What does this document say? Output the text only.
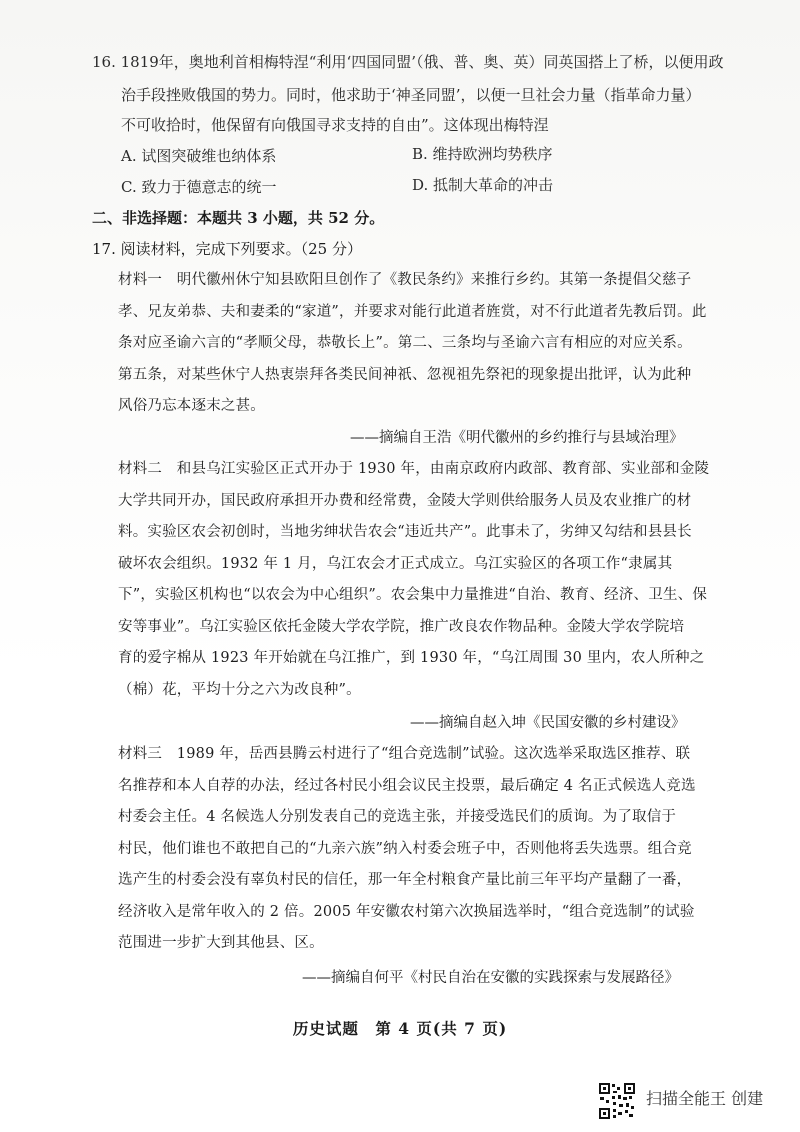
16. 1819年，奥地利首相梅特涅“利用‘四国同盟’（俄、普、奥、英）同英国搭上了桥，以便用政
治手段挫败俄国的势力。同时，他求助于‘神圣同盟’，以便一旦社会力量（指革命力量）
不可收拾时，他保留有向俄国寻求支持的自由”。这体现出梅特涅
A. 试图突破维也纳体系	B. 维持欧洲均势秩序
C. 致力于德意志的统一	D. 抵制大革命的冲击
二、非选择题：本题共 3 小题，共 52 分。
17. 阅读材料，完成下列要求。（25 分）
材料一　明代徽州休宁知县欧阳旦创作了《教民条约》来推行乡约。其第一条提倡父慈子
孝、兄友弟恭、夫和妻柔的“家道”，并要求对能行此道者旌赏，对不行此道者先教后罚。此
条对应圣谕六言的“孝顺父母，恭敬长上”。第二、三条均与圣谕六言有相应的对应关系。
第五条，对某些休宁人热衷崇拜各类民间神祇、忽视祖先祭祀的现象提出批评，认为此种
风俗乃忘本逐末之甚。
——摘编自王浩《明代徽州的乡约推行与县域治理》
材料二　和县乌江实验区正式开办于 1930 年，由南京政府内政部、教育部、实业部和金陵
大学共同开办，国民政府承担开办费和经常费，金陵大学则供给服务人员及农业推广的材
料。实验区农会初创时，当地劣绅状告农会“违近共产”。此事未了，劣绅又勾结和县县长
破坏农会组织。1932 年 1 月，乌江农会才正式成立。乌江实验区的各项工作“隶属其
下”，实验区机构也“以农会为中心组织”。农会集中力量推进“自治、教育、经济、卫生、保
安等事业”。乌江实验区依托金陵大学农学院，推广改良农作物品种。金陵大学农学院培
育的爱字棉从 1923 年开始就在乌江推广，到 1930 年，“乌江周围 30 里内，农人所种之
（棉）花，平均十分之六为改良种”。
——摘编自赵入坤《民国安徽的乡村建设》
材料三　1989 年，岳西县腾云村进行了“组合竞选制”试验。这次选举采取选区推荐、联
名推荐和本人自荐的办法，经过各村民小组会议民主投票，最后确定 4 名正式候选人竞选
村委会主任。4 名候选人分别发表自己的竞选主张，并接受选民们的质询。为了取信于
村民，他们谁也不敢把自己的“九亲六族”纳入村委会班子中，否则他将丢失选票。组合竞
选产生的村委会没有辜负村民的信任，那一年全村粮食产量比前三年平均产量翻了一番，
经济收入是常年收入的 2 倍。2005 年安徽农村第六次换届选举时，“组合竞选制”的试验
范围进一步扩大到其他县、区。
——摘编自何平《村民自治在安徽的实践探索与发展路径》
历史试题　第 4 页(共 7 页)
扫描全能王 创建
